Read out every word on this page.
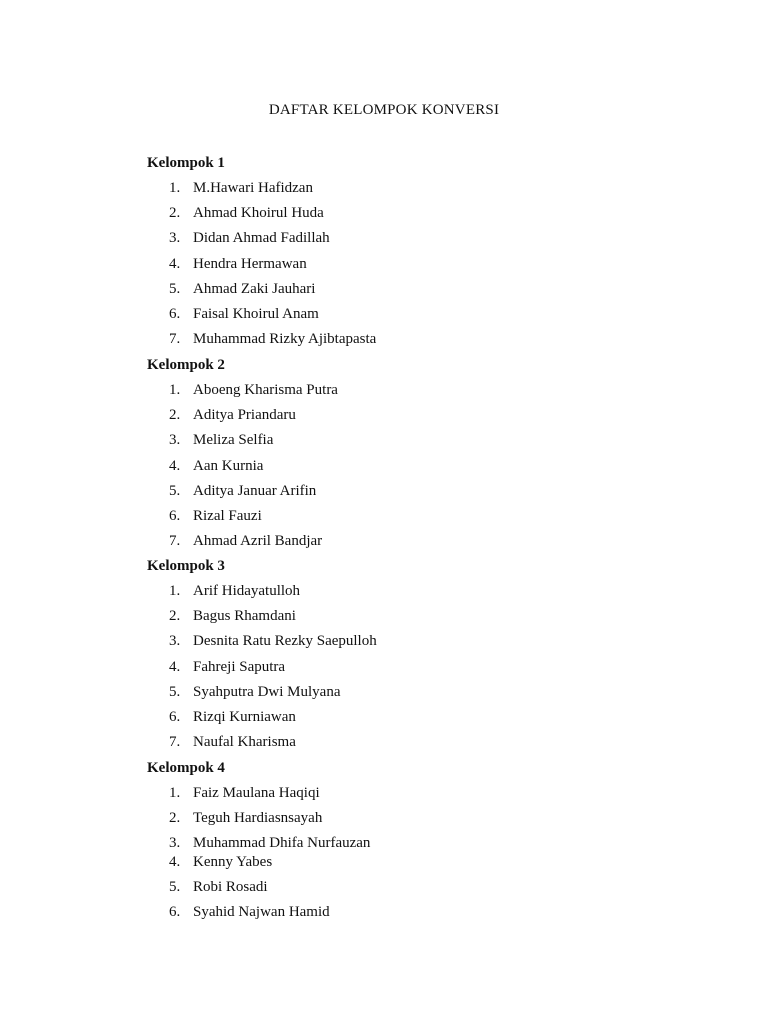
DAFTAR KELOMPOK KONVERSI
Kelompok 1
1. M.Hawari Hafidzan
2. Ahmad Khoirul Huda
3. Didan Ahmad Fadillah
4. Hendra Hermawan
5. Ahmad Zaki Jauhari
6. Faisal Khoirul Anam
7. Muhammad Rizky Ajibtapasta
Kelompok 2
1. Aboeng Kharisma Putra
2. Aditya Priandaru
3. Meliza Selfia
4. Aan Kurnia
5. Aditya Januar Arifin
6. Rizal Fauzi
7. Ahmad Azril Bandjar
Kelompok 3
1. Arif Hidayatulloh
2. Bagus Rhamdani
3. Desnita Ratu Rezky Saepulloh
4. Fahreji Saputra
5. Syahputra Dwi Mulyana
6. Rizqi Kurniawan
7. Naufal Kharisma
Kelompok 4
1. Faiz Maulana Haqiqi
2. Teguh Hardiasnsayah
3. Muhammad Dhifa Nurfauzan
4. Kenny Yabes
5. Robi Rosadi
6. Syahid Najwan Hamid
